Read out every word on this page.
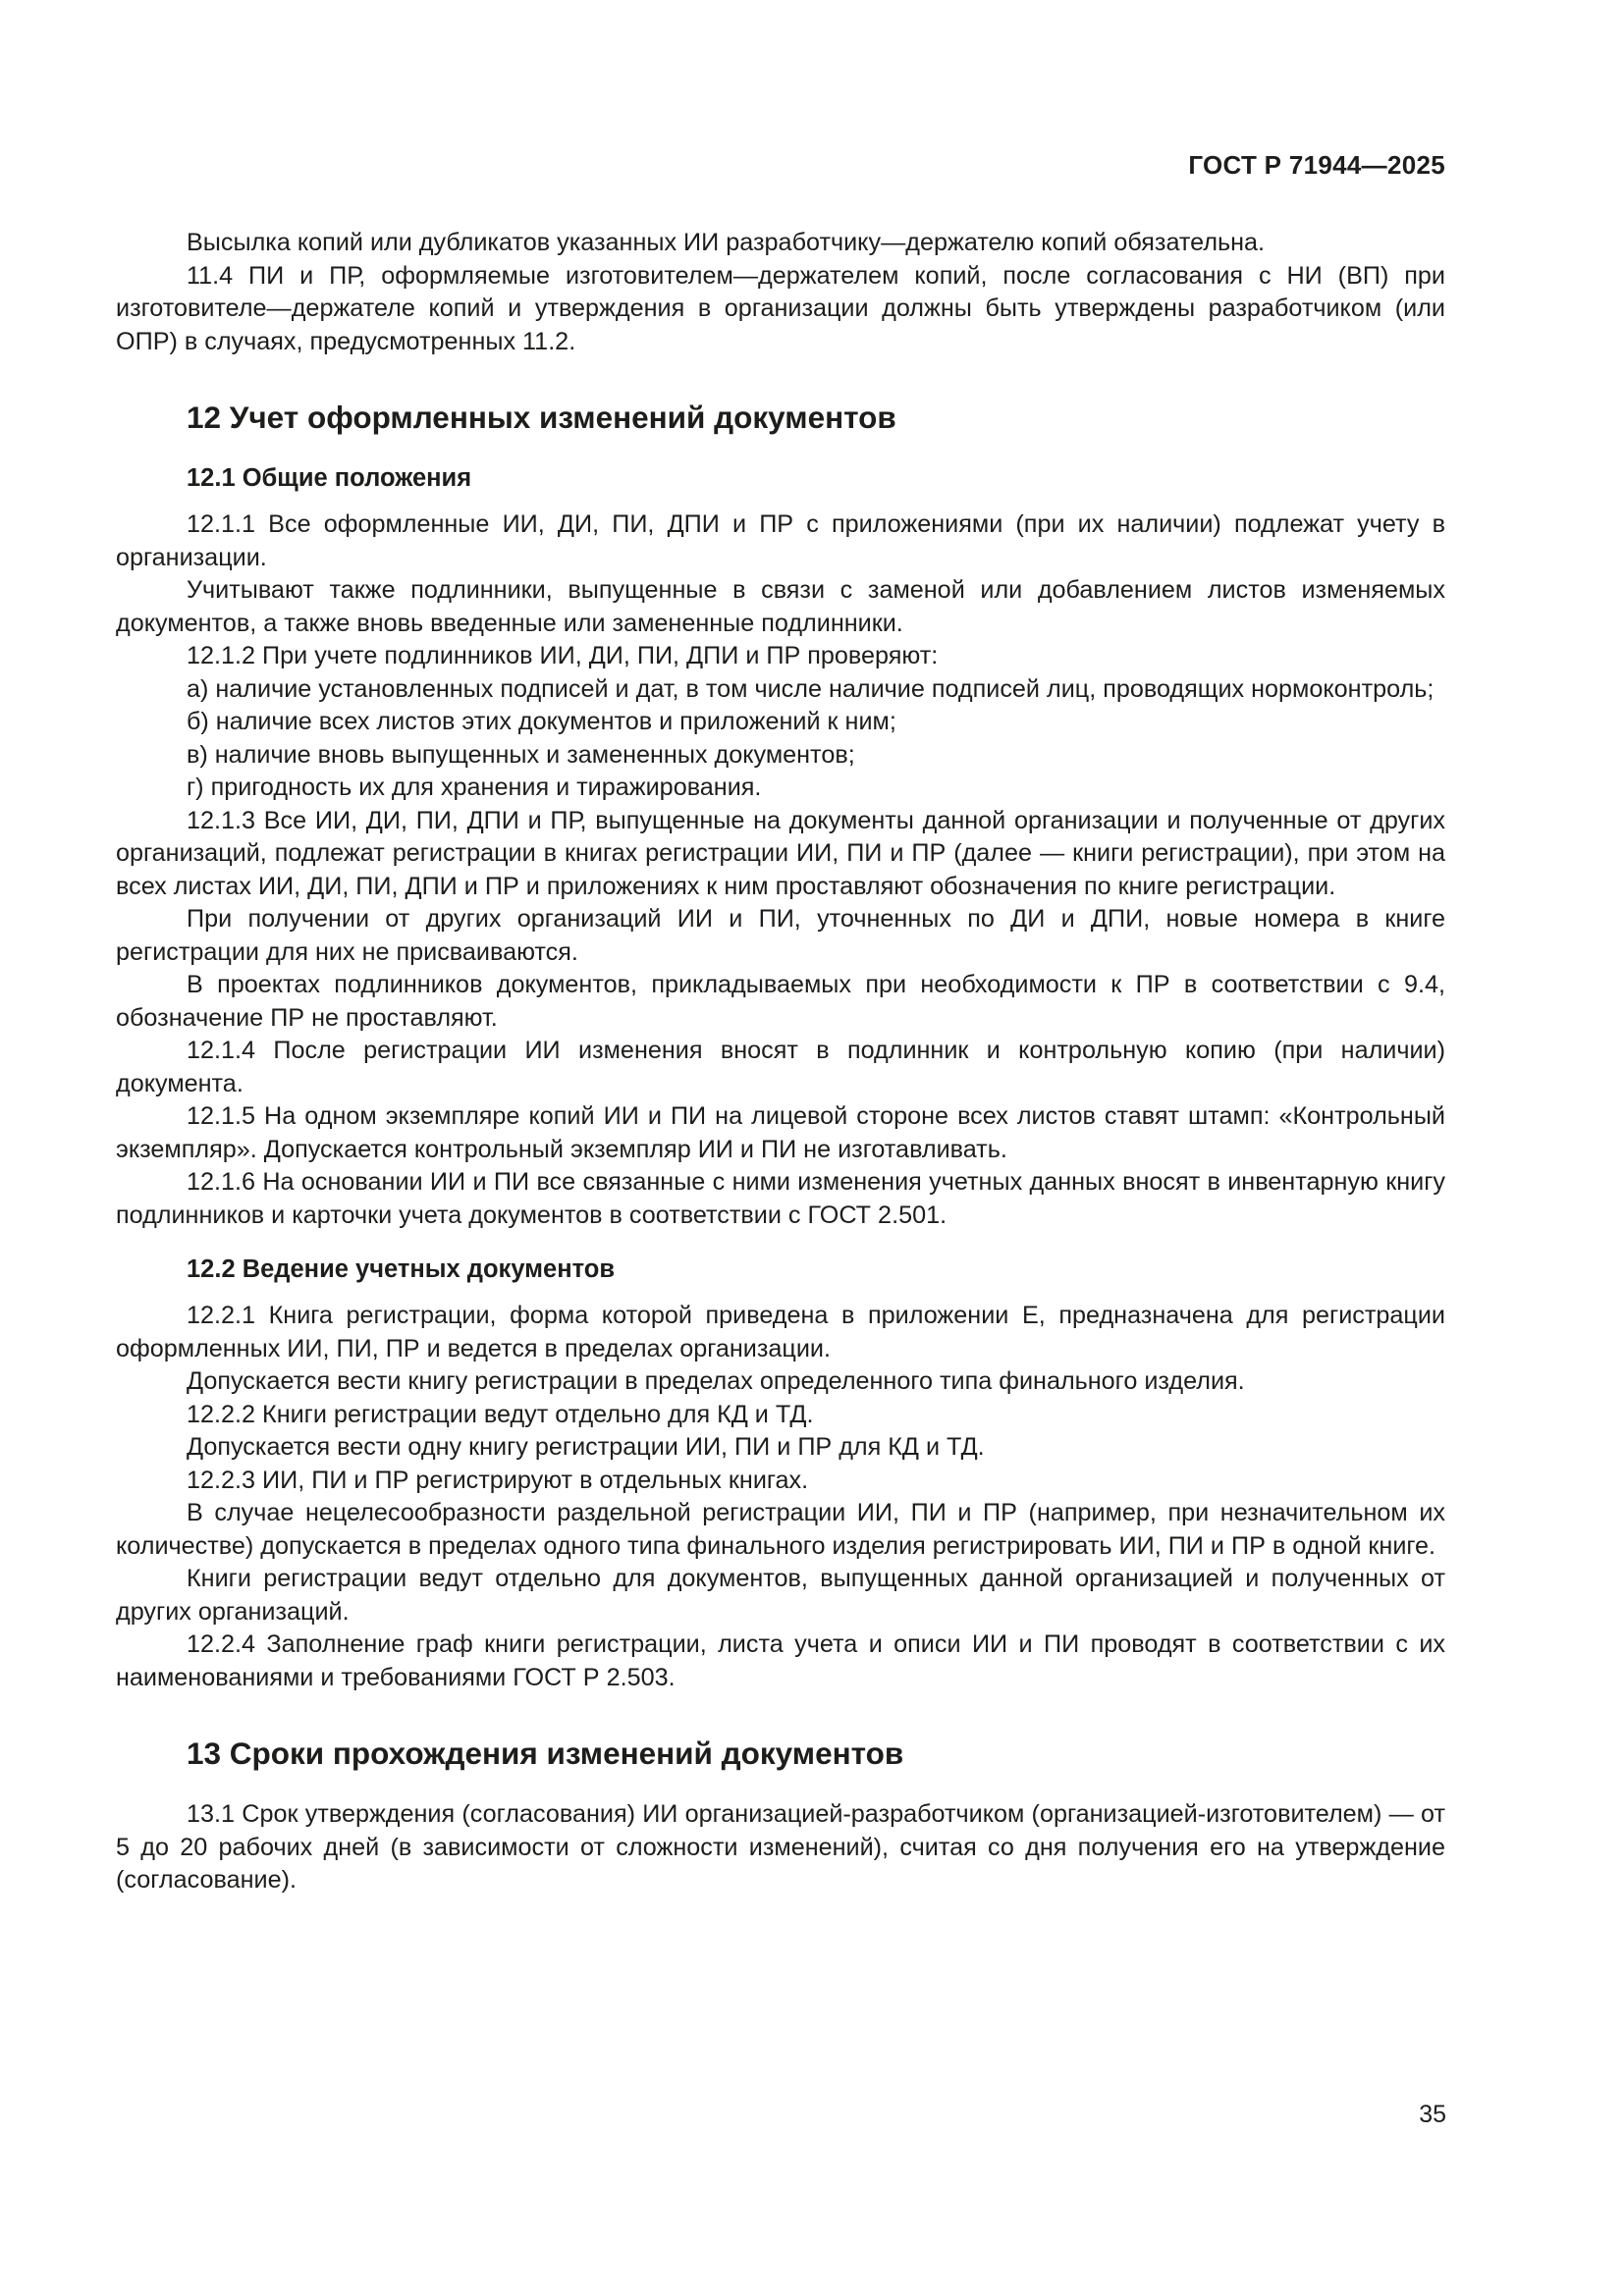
ГОСТ Р 71944—2025

Высылка копий или дубликатов указанных ИИ разработчику—держателю копий обязательна.

11.4 ПИ и ПР, оформляемые изготовителем—держателем копий, после согласования с НИ (ВП) при изготовителе—держателе копий и утверждения в организации должны быть утверждены разработчиком (или ОПР) в случаях, предусмотренных 11.2.

12 Учет оформленных изменений документов
12.1 Общие положения

12.1.1 Все оформленные ИИ, ДИ, ПИ, ДПИ и ПР с приложениями (при их наличии) подлежат учету в организации.

Учитывают также подлинники, выпущенные в связи с заменой или добавлением листов изменяемых документов, а также вновь введенные или замененные подлинники.

12.1.2 При учете подлинников ИИ, ДИ, ПИ, ДПИ и ПР проверяют:

а) наличие установленных подписей и дат, в том числе наличие подписей лиц, проводящих нормоконтроль;

б) наличие всех листов этих документов и приложений к ним;

в) наличие вновь выпущенных и замененных документов;

г) пригодность их для хранения и тиражирования.

12.1.3 Все ИИ, ДИ, ПИ, ДПИ и ПР, выпущенные на документы данной организации и полученные от других организаций, подлежат регистрации в книгах регистрации ИИ, ПИ и ПР (далее — книги регистрации), при этом на всех листах ИИ, ДИ, ПИ, ДПИ и ПР и приложениях к ним проставляют обозначения по книге регистрации.

При получении от других организаций ИИ и ПИ, уточненных по ДИ и ДПИ, новые номера в книге регистрации для них не присваиваются.

В проектах подлинников документов, прикладываемых при необходимости к ПР в соответствии с 9.4, обозначение ПР не проставляют.

12.1.4 После регистрации ИИ изменения вносят в подлинник и контрольную копию (при наличии) документа.

12.1.5 На одном экземпляре копий ИИ и ПИ на лицевой стороне всех листов ставят штамп: «Контрольный экземпляр». Допускается контрольный экземпляр ИИ и ПИ не изготавливать.

12.1.6 На основании ИИ и ПИ все связанные с ними изменения учетных данных вносят в инвентарную книгу подлинников и карточки учета документов в соответствии с ГОСТ 2.501.

12.2 Ведение учетных документов

12.2.1 Книга регистрации, форма которой приведена в приложении Е, предназначена для регистрации оформленных ИИ, ПИ, ПР и ведется в пределах организации.

Допускается вести книгу регистрации в пределах определенного типа финального изделия.

12.2.2 Книги регистрации ведут отдельно для КД и ТД.

Допускается вести одну книгу регистрации ИИ, ПИ и ПР для КД и ТД.

12.2.3 ИИ, ПИ и ПР регистрируют в отдельных книгах.

В случае нецелесообразности раздельной регистрации ИИ, ПИ и ПР (например, при незначительном их количестве) допускается в пределах одного типа финального изделия регистрировать ИИ, ПИ и ПР в одной книге.

Книги регистрации ведут отдельно для документов, выпущенных данной организацией и полученных от других организаций.

12.2.4 Заполнение граф книги регистрации, листа учета и описи ИИ и ПИ проводят в соответствии с их наименованиями и требованиями ГОСТ Р 2.503.

13 Сроки прохождения изменений документов

13.1 Срок утверждения (согласования) ИИ организацией-разработчиком (организацией-изготовителем) — от 5 до 20 рабочих дней (в зависимости от сложности изменений), считая со дня получения его на утверждение (согласование).

35
